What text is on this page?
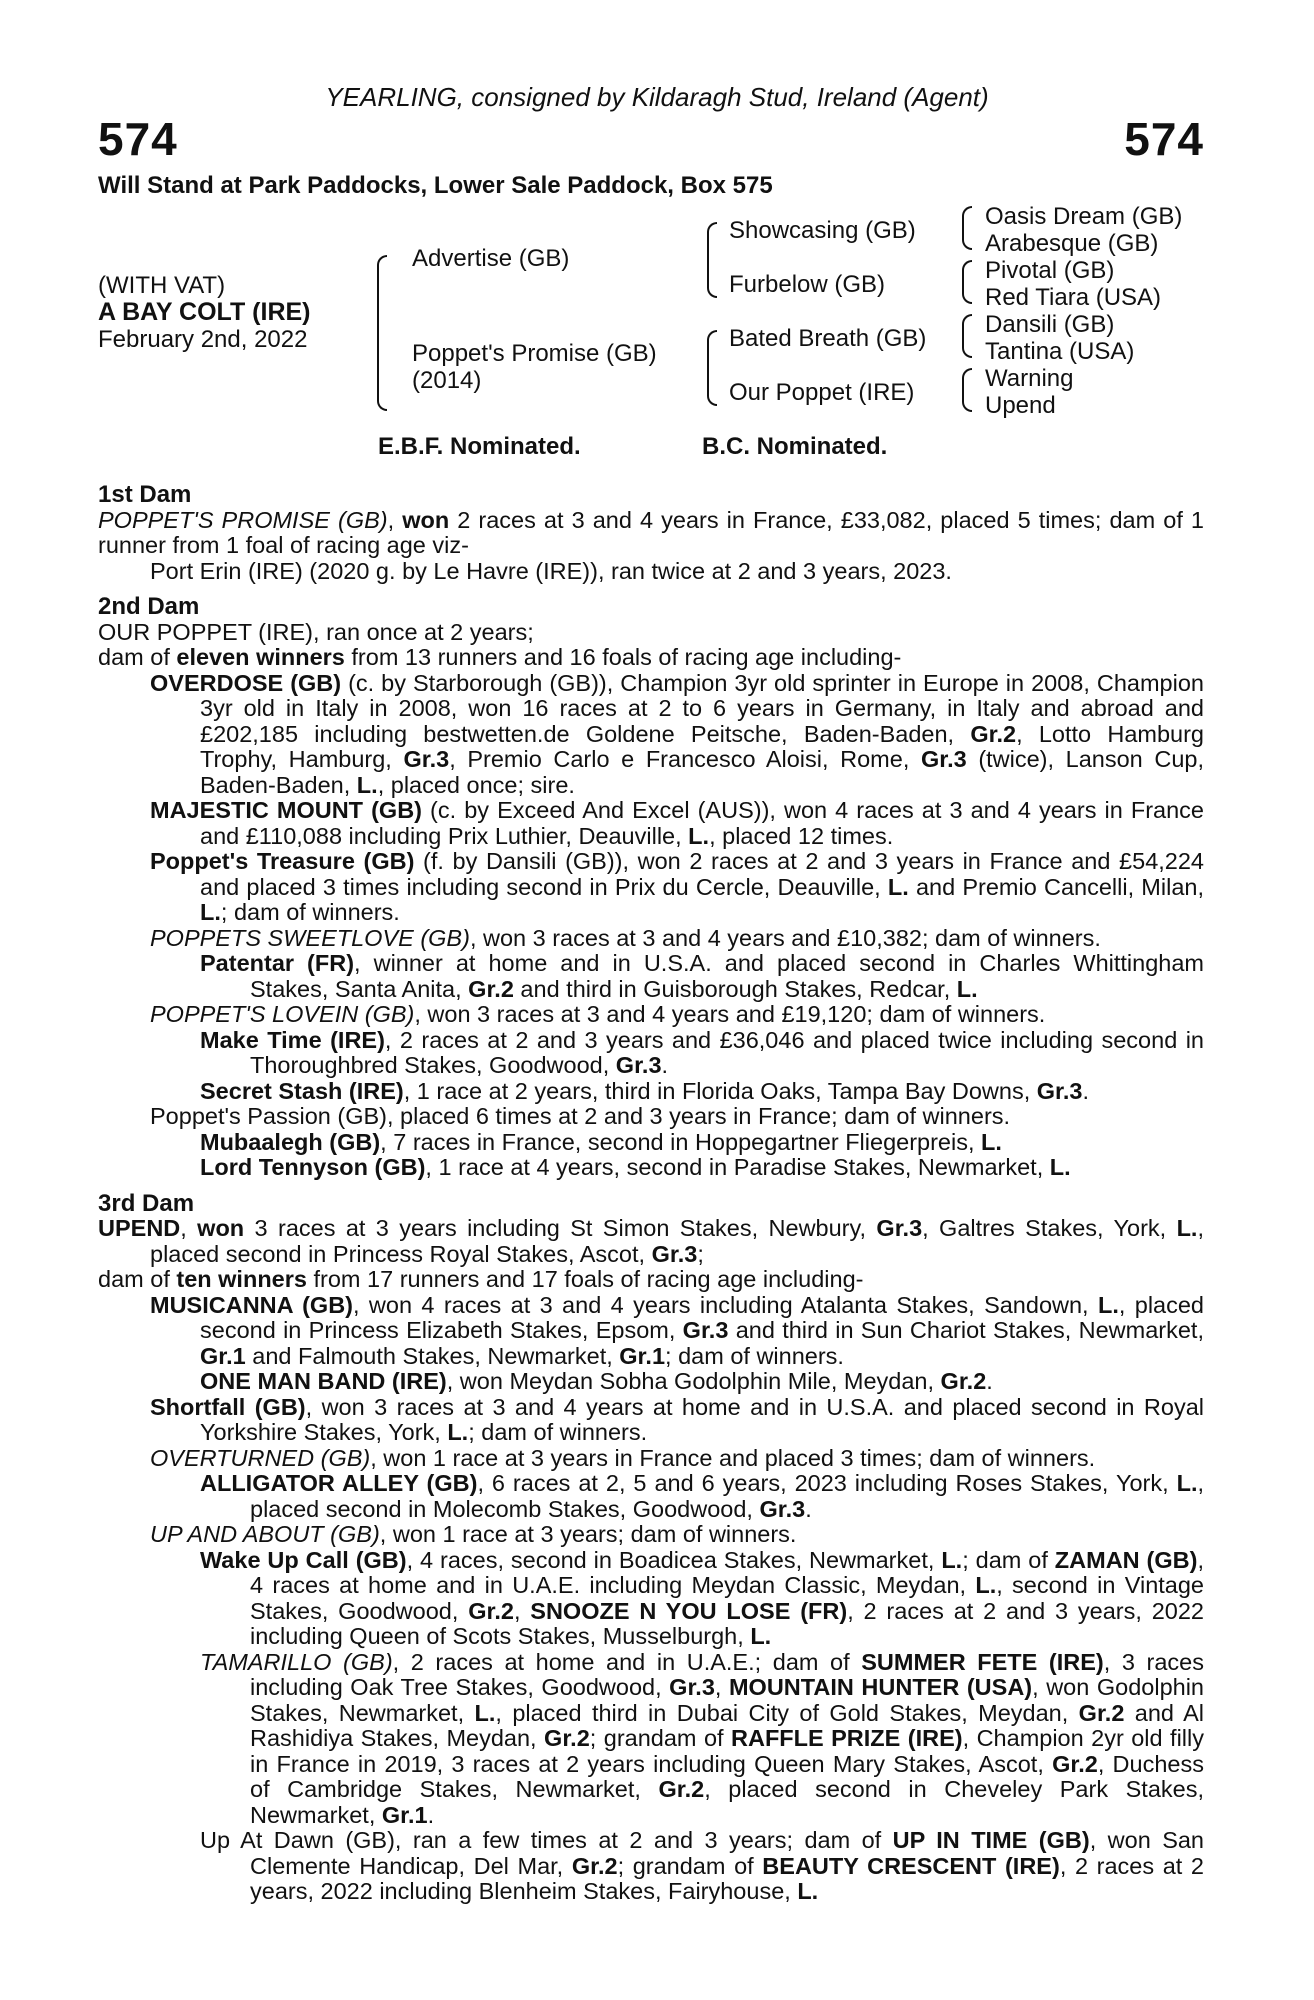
YEARLING, consigned by Kildaragh Stud, Ireland (Agent)
574	574
Will Stand at Park Paddocks, Lower Sale Paddock, Box 575
(WITH VAT)
A BAY COLT (IRE)
February 2nd, 2022
Advertise (GB)
Poppet's Promise (GB)
(2014)
Showcasing (GB)
Furbelow (GB)
Bated Breath (GB)
Our Poppet (IRE)
Oasis Dream (GB)
Arabesque (GB)
Pivotal (GB)
Red Tiara (USA)
Dansili (GB)
Tantina (USA)
Warning
Upend
E.B.F. Nominated.	B.C. Nominated.
1st Dam
POPPET'S PROMISE (GB), won 2 races at 3 and 4 years in France, £33,082, placed 5 times; dam of 1 runner from 1 foal of racing age viz-
Port Erin (IRE) (2020 g. by Le Havre (IRE)), ran twice at 2 and 3 years, 2023.
2nd Dam
OUR POPPET (IRE), ran once at 2 years;
dam of eleven winners from 13 runners and 16 foals of racing age including-
OVERDOSE (GB) (c. by Starborough (GB)), Champion 3yr old sprinter in Europe in 2008, Champion 3yr old in Italy in 2008, won 16 races at 2 to 6 years in Germany, in Italy and abroad and £202,185 including bestwetten.de Goldene Peitsche, Baden-Baden, Gr.2, Lotto Hamburg Trophy, Hamburg, Gr.3, Premio Carlo e Francesco Aloisi, Rome, Gr.3 (twice), Lanson Cup, Baden-Baden, L., placed once; sire.
MAJESTIC MOUNT (GB) (c. by Exceed And Excel (AUS)), won 4 races at 3 and 4 years in France and £110,088 including Prix Luthier, Deauville, L., placed 12 times.
Poppet's Treasure (GB) (f. by Dansili (GB)), won 2 races at 2 and 3 years in France and £54,224 and placed 3 times including second in Prix du Cercle, Deauville, L. and Premio Cancelli, Milan, L.; dam of winners.
POPPETS SWEETLOVE (GB), won 3 races at 3 and 4 years and £10,382; dam of winners.
Patentar (FR), winner at home and in U.S.A. and placed second in Charles Whittingham Stakes, Santa Anita, Gr.2 and third in Guisborough Stakes, Redcar, L.
POPPET'S LOVEIN (GB), won 3 races at 3 and 4 years and £19,120; dam of winners.
Make Time (IRE), 2 races at 2 and 3 years and £36,046 and placed twice including second in Thoroughbred Stakes, Goodwood, Gr.3.
Secret Stash (IRE), 1 race at 2 years, third in Florida Oaks, Tampa Bay Downs, Gr.3.
Poppet's Passion (GB), placed 6 times at 2 and 3 years in France; dam of winners.
Mubaalegh (GB), 7 races in France, second in Hoppegartner Fliegerpreis, L.
Lord Tennyson (GB), 1 race at 4 years, second in Paradise Stakes, Newmarket, L.
3rd Dam
UPEND, won 3 races at 3 years including St Simon Stakes, Newbury, Gr.3, Galtres Stakes, York, L., placed second in Princess Royal Stakes, Ascot, Gr.3;
dam of ten winners from 17 runners and 17 foals of racing age including-
MUSICANNA (GB), won 4 races at 3 and 4 years including Atalanta Stakes, Sandown, L., placed second in Princess Elizabeth Stakes, Epsom, Gr.3 and third in Sun Chariot Stakes, Newmarket, Gr.1 and Falmouth Stakes, Newmarket, Gr.1; dam of winners.
ONE MAN BAND (IRE), won Meydan Sobha Godolphin Mile, Meydan, Gr.2.
Shortfall (GB), won 3 races at 3 and 4 years at home and in U.S.A. and placed second in Royal Yorkshire Stakes, York, L.; dam of winners.
OVERTURNED (GB), won 1 race at 3 years in France and placed 3 times; dam of winners.
ALLIGATOR ALLEY (GB), 6 races at 2, 5 and 6 years, 2023 including Roses Stakes, York, L., placed second in Molecomb Stakes, Goodwood, Gr.3.
UP AND ABOUT (GB), won 1 race at 3 years; dam of winners.
Wake Up Call (GB), 4 races, second in Boadicea Stakes, Newmarket, L.; dam of ZAMAN (GB), 4 races at home and in U.A.E. including Meydan Classic, Meydan, L., second in Vintage Stakes, Goodwood, Gr.2, SNOOZE N YOU LOSE (FR), 2 races at 2 and 3 years, 2022 including Queen of Scots Stakes, Musselburgh, L.
TAMARILLO (GB), 2 races at home and in U.A.E.; dam of SUMMER FETE (IRE), 3 races including Oak Tree Stakes, Goodwood, Gr.3, MOUNTAIN HUNTER (USA), won Godolphin Stakes, Newmarket, L., placed third in Dubai City of Gold Stakes, Meydan, Gr.2 and Al Rashidiya Stakes, Meydan, Gr.2; grandam of RAFFLE PRIZE (IRE), Champion 2yr old filly in France in 2019, 3 races at 2 years including Queen Mary Stakes, Ascot, Gr.2, Duchess of Cambridge Stakes, Newmarket, Gr.2, placed second in Cheveley Park Stakes, Newmarket, Gr.1.
Up At Dawn (GB), ran a few times at 2 and 3 years; dam of UP IN TIME (GB), won San Clemente Handicap, Del Mar, Gr.2; grandam of BEAUTY CRESCENT (IRE), 2 races at 2 years, 2022 including Blenheim Stakes, Fairyhouse, L.
